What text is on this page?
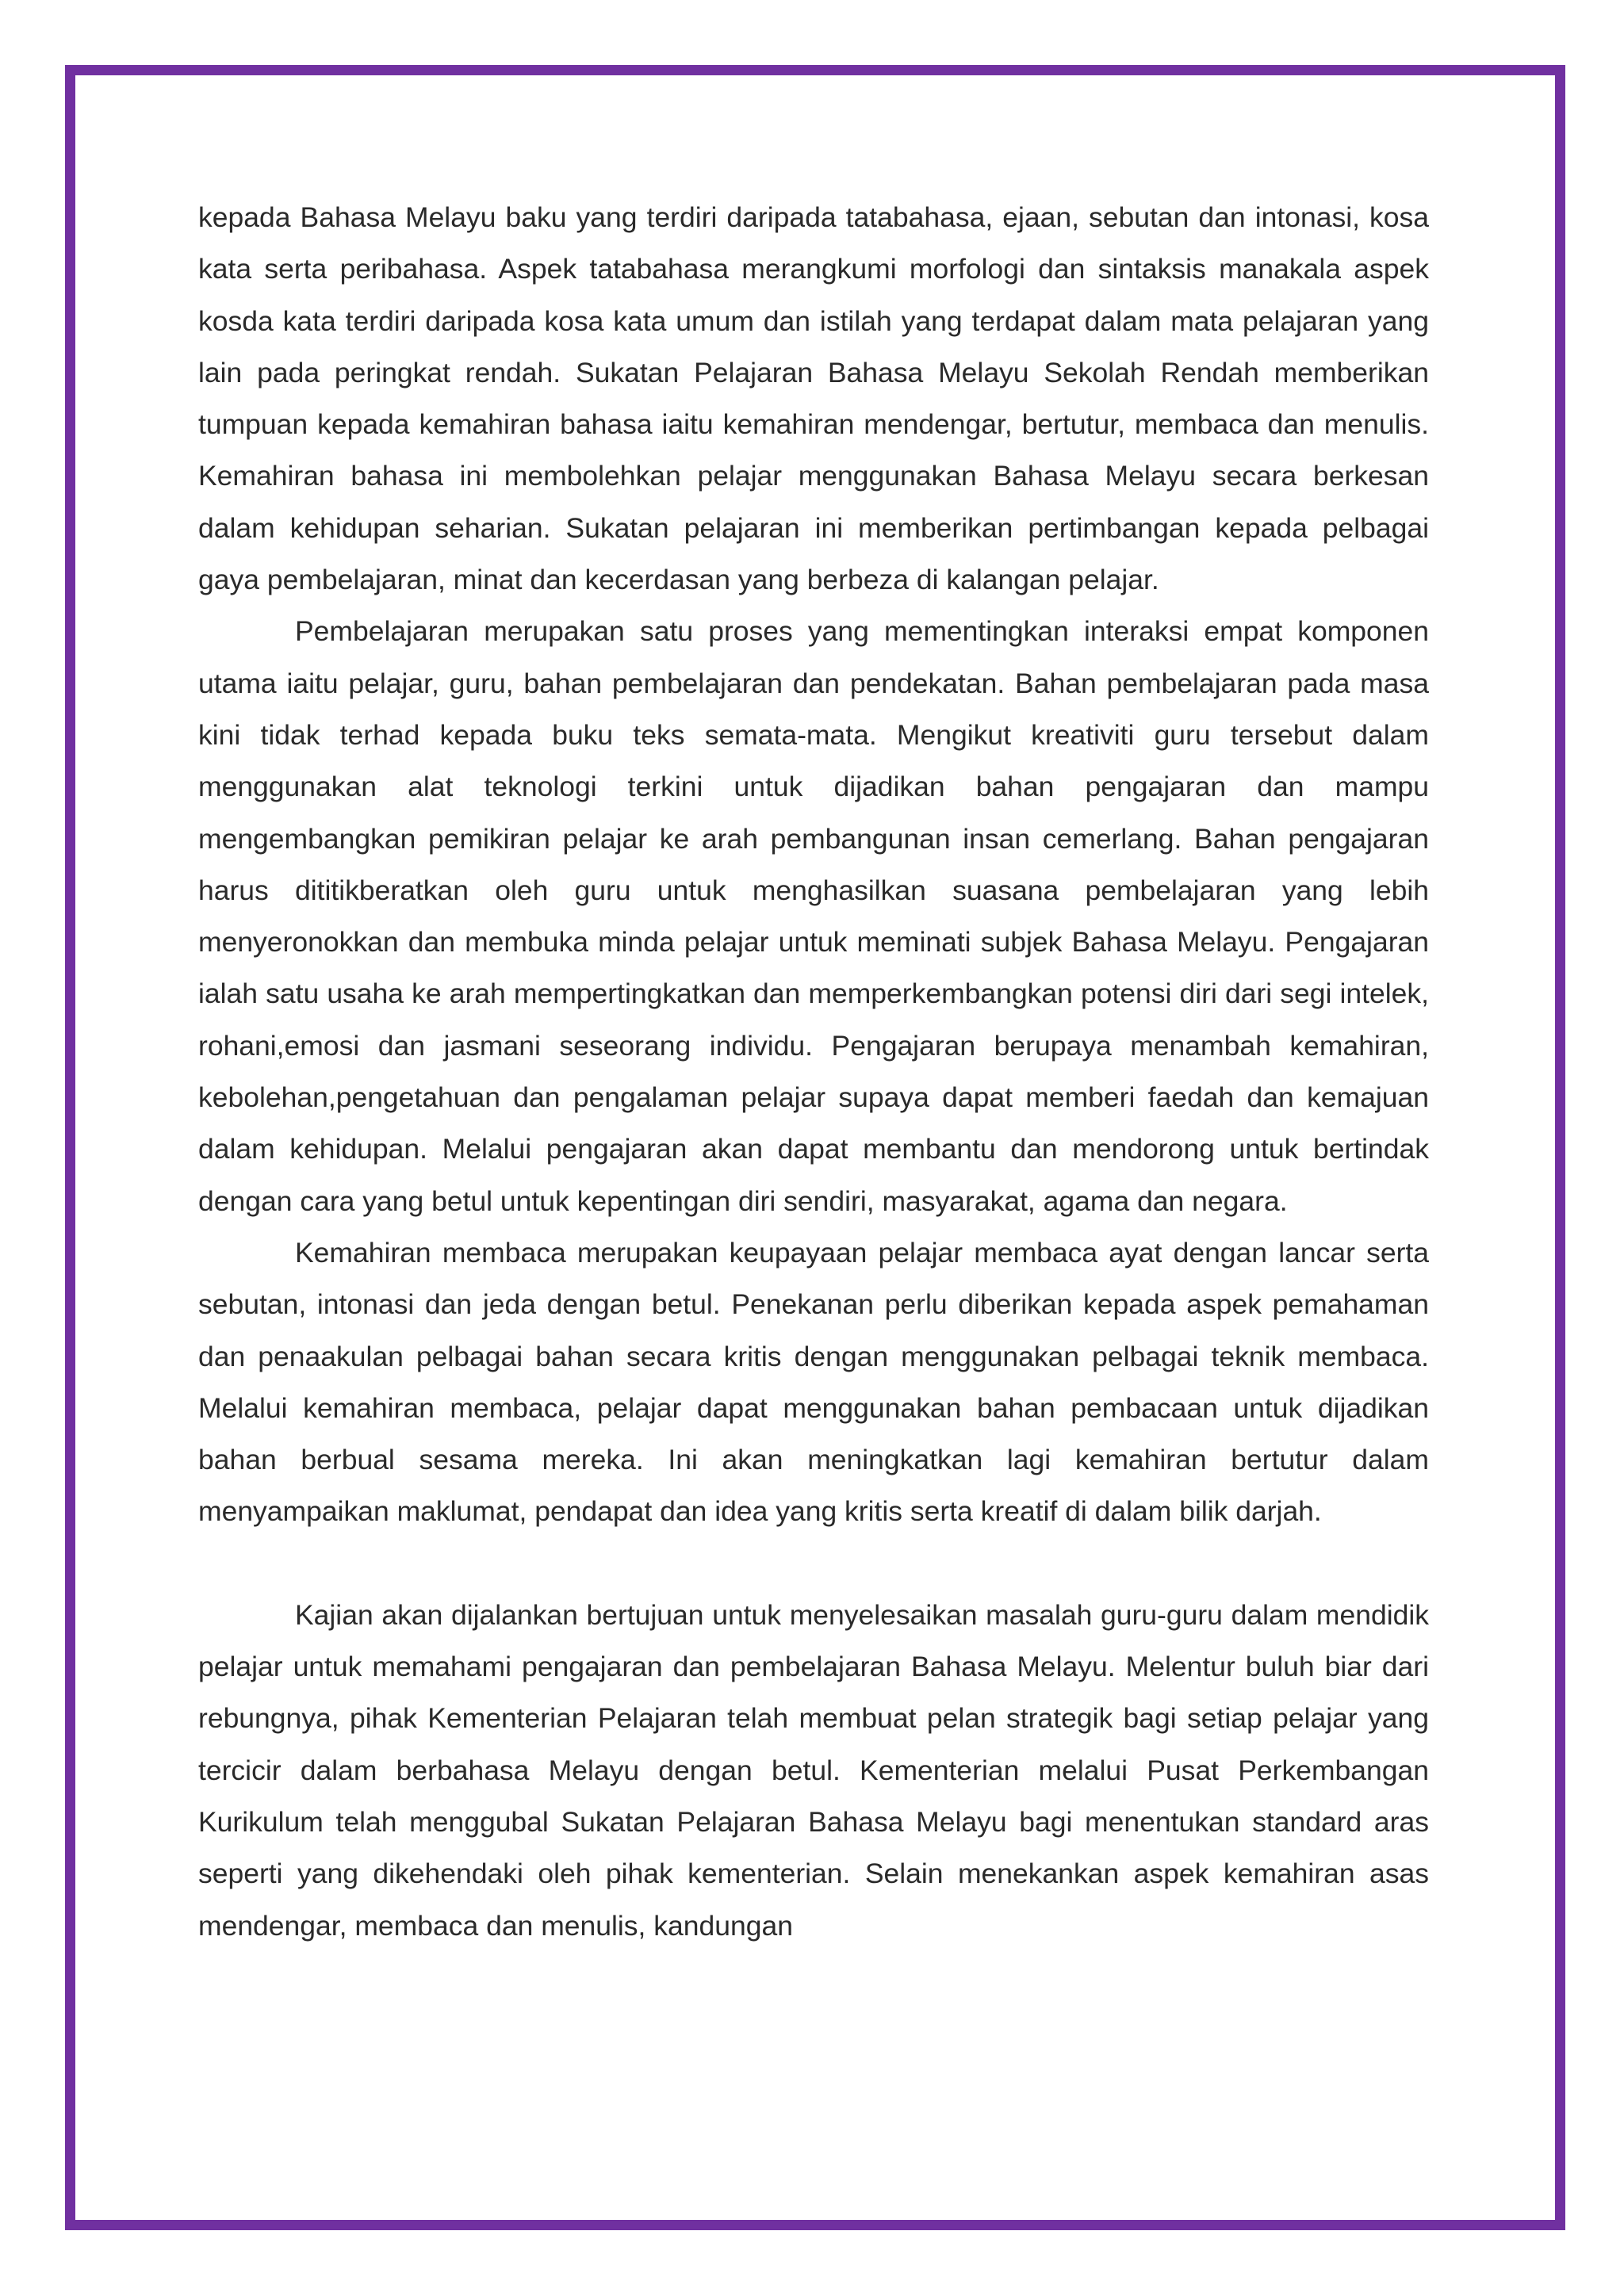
kepada Bahasa Melayu baku yang terdiri daripada tatabahasa, ejaan, sebutan dan intonasi, kosa kata serta peribahasa. Aspek tatabahasa merangkumi morfologi dan sintaksis manakala aspek kosda kata terdiri daripada kosa kata umum dan istilah yang terdapat dalam mata pelajaran yang lain pada peringkat rendah. Sukatan Pelajaran Bahasa Melayu Sekolah Rendah memberikan tumpuan kepada kemahiran bahasa iaitu kemahiran mendengar, bertutur, membaca dan menulis. Kemahiran bahasa ini membolehkan pelajar menggunakan Bahasa Melayu secara berkesan dalam kehidupan seharian. Sukatan pelajaran ini memberikan pertimbangan kepada pelbagai gaya pembelajaran, minat dan kecerdasan yang berbeza di kalangan pelajar.

Pembelajaran merupakan satu proses yang mementingkan interaksi empat komponen utama iaitu pelajar, guru, bahan pembelajaran dan pendekatan. Bahan pembelajaran pada masa kini tidak terhad kepada buku teks semata-mata. Mengikut kreativiti guru tersebut dalam menggunakan alat teknologi terkini untuk dijadikan bahan pengajaran dan mampu mengembangkan pemikiran pelajar ke arah pembangunan insan cemerlang. Bahan pengajaran harus dititikberatkan oleh guru untuk menghasilkan suasana pembelajaran yang lebih menyeronokkan dan membuka minda pelajar untuk meminati subjek Bahasa Melayu. Pengajaran ialah satu usaha ke arah mempertingkatkan dan memperkembangkan potensi diri dari segi intelek, rohani,emosi dan jasmani seseorang individu. Pengajaran berupaya menambah kemahiran, kebolehan,pengetahuan dan pengalaman pelajar supaya dapat memberi faedah dan kemajuan dalam kehidupan. Melalui pengajaran akan dapat membantu dan mendorong untuk bertindak dengan cara yang betul untuk kepentingan diri sendiri, masyarakat, agama dan negara.

Kemahiran membaca merupakan keupayaan pelajar membaca ayat dengan lancar serta sebutan, intonasi dan jeda dengan betul. Penekanan perlu diberikan kepada aspek pemahaman dan penaakulan pelbagai bahan secara kritis dengan menggunakan pelbagai teknik membaca. Melalui kemahiran membaca, pelajar dapat menggunakan bahan pembacaan untuk dijadikan bahan berbual sesama mereka. Ini akan meningkatkan lagi kemahiran bertutur dalam menyampaikan maklumat, pendapat dan idea yang kritis serta kreatif di dalam bilik darjah.

Kajian akan dijalankan bertujuan untuk menyelesaikan masalah guru-guru dalam mendidik pelajar untuk memahami pengajaran dan pembelajaran Bahasa Melayu. Melentur buluh biar dari rebungnya, pihak Kementerian Pelajaran telah membuat pelan strategik bagi setiap pelajar yang tercicir dalam berbahasa Melayu dengan betul. Kementerian melalui Pusat Perkembangan Kurikulum telah menggubal Sukatan Pelajaran Bahasa Melayu bagi menentukan standard aras seperti yang dikehendaki oleh pihak kementerian. Selain menekankan aspek kemahiran asas mendengar, membaca dan menulis, kandungan
